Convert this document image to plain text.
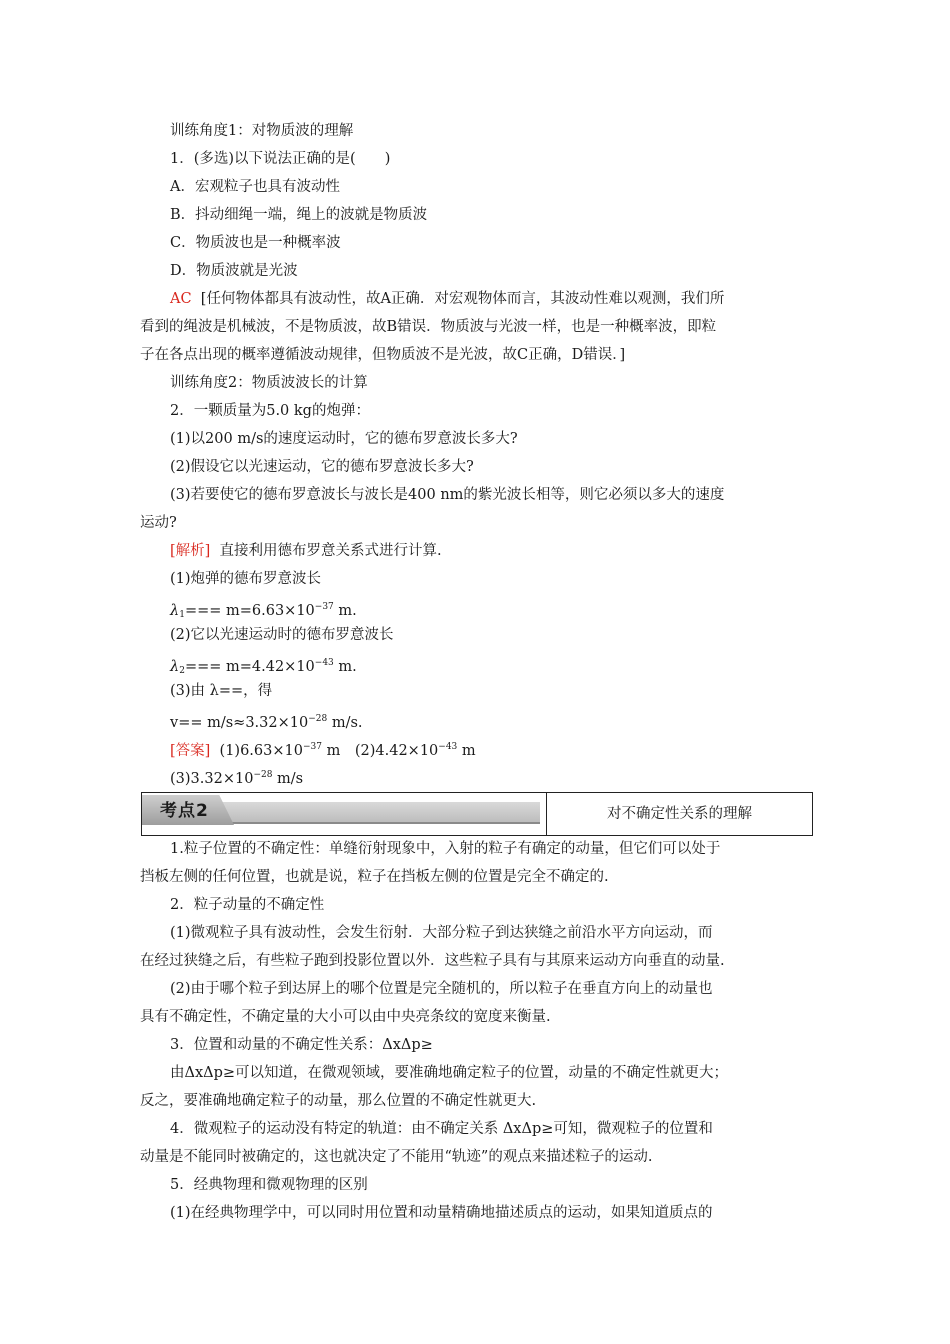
训练角度1：对物质波的理解
1．(多选)以下说法正确的是(　　)
A．宏观粒子也具有波动性
B．抖动细绳一端，绳上的波就是物质波
C．物质波也是一种概率波
D．物质波就是光波
AC [任何物体都具有波动性，故A正确．对宏观物体而言，其波动性难以观测，我们所
看到的绳波是机械波，不是物质波，故B错误．物质波与光波一样，也是一种概率波，即粒
子在各点出现的概率遵循波动规律，但物质波不是光波，故C正确，D错误．]
训练角度2：物质波波长的计算
2．一颗质量为5.0 kg的炮弹：
(1)以200 m/s的速度运动时，它的德布罗意波长多大?
(2)假设它以光速运动，它的德布罗意波长多大?
(3)若要使它的德布罗意波长与波长是400 nm的紫光波长相等，则它必须以多大的速度
运动?
[解析] 直接利用德布罗意关系式进行计算.
(1)炮弹的德布罗意波长
$\lambda_1=== m=6.63\times 10^{-37}$ m.
(2)它以光速运动时的德布罗意波长
$\lambda_2=== m=4.42\times 10^{-43}$ m.
(3)由 λ==，得
$v== m/s\approx 3.32\times 10^{-28}$ m/s.
[答案] $(1)6.63\times 10^{-37}$ m　$(2)4.42\times 10^{-43}$ m
$(3)3.32\times 10^{-28}$ m/s
考点2	对不确定性关系的理解
1.粒子位置的不确定性：单缝衍射现象中，入射的粒子有确定的动量，但它们可以处于
挡板左侧的任何位置，也就是说，粒子在挡板左侧的位置是完全不确定的.
2．粒子动量的不确定性
(1)微观粒子具有波动性，会发生衍射．大部分粒子到达狭缝之前沿水平方向运动，而
在经过狭缝之后，有些粒子跑到投影位置以外．这些粒子具有与其原来运动方向垂直的动量.
(2)由于哪个粒子到达屏上的哪个位置是完全随机的，所以粒子在垂直方向上的动量也
具有不确定性，不确定量的大小可以由中央亮条纹的宽度来衡量.
3．位置和动量的不确定性关系：ΔxΔp≥
由ΔxΔp≥可以知道，在微观领域，要准确地确定粒子的位置，动量的不确定性就更大；
反之，要准确地确定粒子的动量，那么位置的不确定性就更大.
4．微观粒子的运动没有特定的轨道：由不确定关系 ΔxΔp≥可知，微观粒子的位置和
动量是不能同时被确定的，这也就决定了不能用“轨迹”的观点来描述粒子的运动.
5．经典物理和微观物理的区别
(1)在经典物理学中，可以同时用位置和动量精确地描述质点的运动，如果知道质点的
